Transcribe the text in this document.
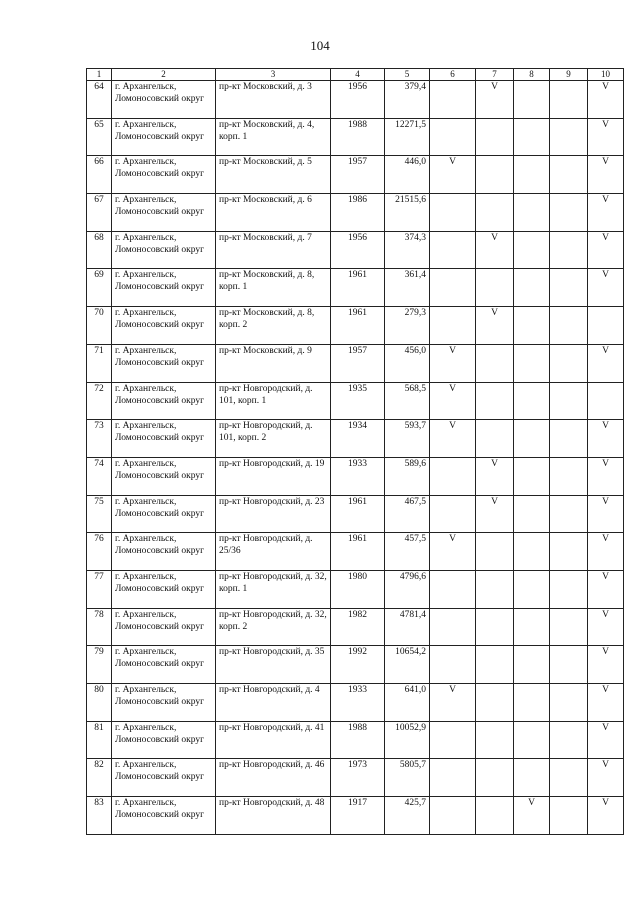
104
1	2	3	4	5	6	7	8	9	10
64	г. Архангельск, Ломоносовский округ	пр-кт Московский, д. 3	1956	379,4		V			V
65	г. Архангельск, Ломоносовский округ	пр-кт Московский, д. 4, корп. 1	1988	12271,5					V
66	г. Архангельск, Ломоносовский округ	пр-кт Московский, д. 5	1957	446,0	V				V
67	г. Архангельск, Ломоносовский округ	пр-кт Московский, д. 6	1986	21515,6					V
68	г. Архангельск, Ломоносовский округ	пр-кт Московский, д. 7	1956	374,3		V			V
69	г. Архангельск, Ломоносовский округ	пр-кт Московский, д. 8, корп. 1	1961	361,4					V
70	г. Архангельск, Ломоносовский округ	пр-кт Московский, д. 8, корп. 2	1961	279,3		V			
71	г. Архангельск, Ломоносовский округ	пр-кт Московский, д. 9	1957	456,0	V				V
72	г. Архангельск, Ломоносовский округ	пр-кт Новгородский, д. 101, корп. 1	1935	568,5	V				
73	г. Архангельск, Ломоносовский округ	пр-кт Новгородский, д. 101, корп. 2	1934	593,7	V				V
74	г. Архангельск, Ломоносовский округ	пр-кт Новгородский, д. 19	1933	589,6		V			V
75	г. Архангельск, Ломоносовский округ	пр-кт Новгородский, д. 23	1961	467,5		V			V
76	г. Архангельск, Ломоносовский округ	пр-кт Новгородский, д. 25/36	1961	457,5	V				V
77	г. Архангельск, Ломоносовский округ	пр-кт Новгородский, д. 32, корп. 1	1980	4796,6					V
78	г. Архангельск, Ломоносовский округ	пр-кт Новгородский, д. 32, корп. 2	1982	4781,4					V
79	г. Архангельск, Ломоносовский округ	пр-кт Новгородский, д. 35	1992	10654,2					V
80	г. Архангельск, Ломоносовский округ	пр-кт Новгородский, д. 4	1933	641,0	V				V
81	г. Архангельск, Ломоносовский округ	пр-кт Новгородский, д. 41	1988	10052,9					V
82	г. Архангельск, Ломоносовский округ	пр-кт Новгородский, д. 46	1973	5805,7					V
83	г. Архангельск, Ломоносовский округ	пр-кт Новгородский, д. 48	1917	425,7			V		V
